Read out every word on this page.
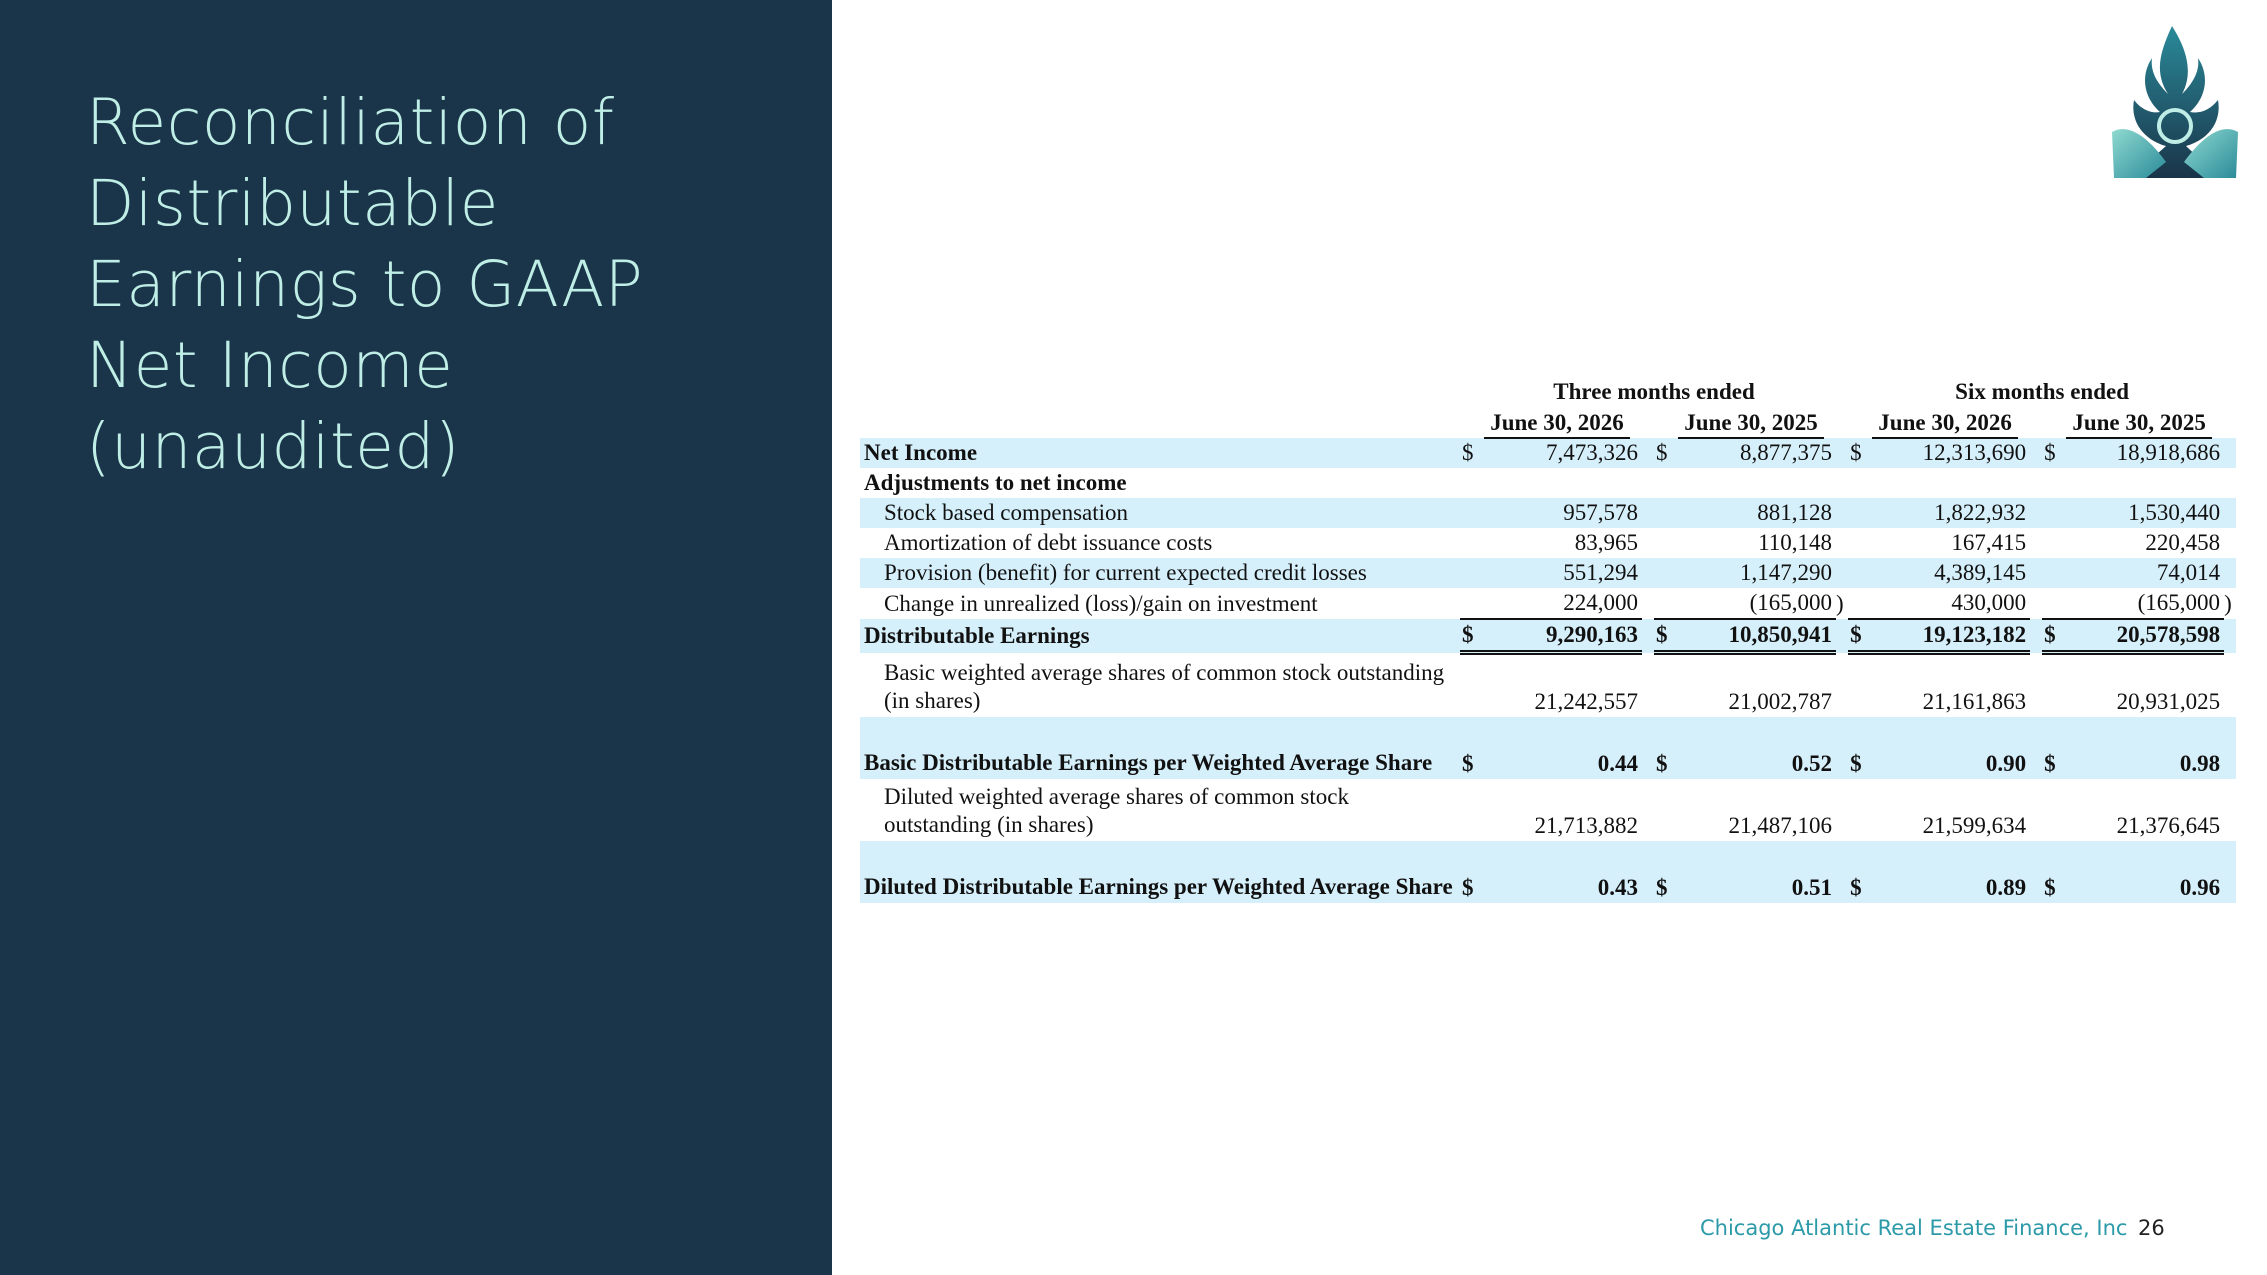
Reconciliation of
Distributable
Earnings to GAAP
Net Income
(unaudited)
	Three months ended						Six months ended					
	June 30, 2026			June 30, 2025			June 30, 2026			June 30, 2025		
Net Income	$	7,473,326		$	8,877,375		$	12,313,690		$	18,918,686	
Adjustments to net income												
Stock based compensation		957,578			881,128			1,822,932			1,530,440	
Amortization of debt issuance costs		83,965			110,148			167,415			220,458	
Provision (benefit) for current expected credit losses		551,294			1,147,290			4,389,145			74,014	
Change in unrealized (loss)/gain on investment		224,000			(165,000	)		430,000			(165,000	)
Distributable Earnings	$	9,290,163		$	10,850,941		$	19,123,182		$	20,578,598	
Basic weighted average shares of common stock outstanding (in shares)		21,242,557			21,002,787			21,161,863			20,931,025	
Basic Distributable Earnings per Weighted Average Share	$	0.44		$	0.52		$	0.90		$	0.98	
Diluted weighted average shares of common stock outstanding (in shares)		21,713,882			21,487,106			21,599,634			21,376,645	
Diluted Distributable Earnings per Weighted Average Share	$	0.43		$	0.51		$	0.89		$	0.96	
Chicago Atlantic Real Estate Finance, Inc 26
